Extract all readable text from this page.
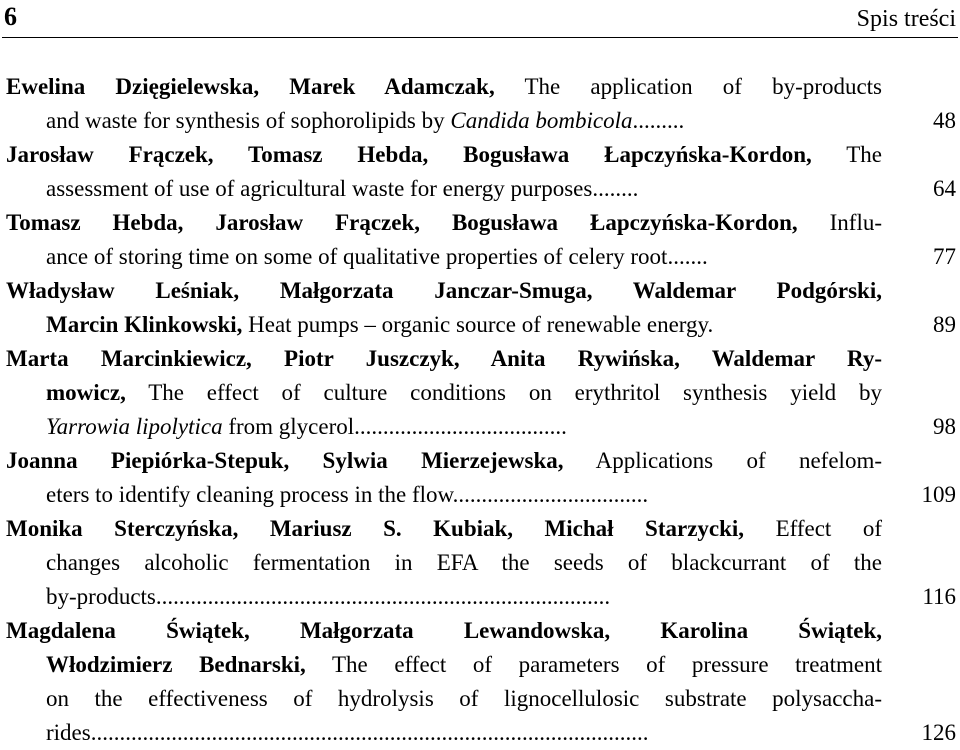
6	Spis treści
Ewelina Dzięgielewska, Marek Adamczak, The application of by-products
and waste for synthesis of sophorolipids by Candida bombicola.........	48
Jarosław Frączek, Tomasz Hebda, Bogusława Łapczyńska-Kordon, The
assessment of use of agricultural waste for energy purposes........	64
Tomasz Hebda, Jarosław Frączek, Bogusława Łapczyńska-Kordon, Influ-
ance of storing time on some of qualitative properties of celery root.......	77
Władysław Leśniak, Małgorzata Janczar-Smuga, Waldemar Podgórski,
Marcin Klinkowski, Heat pumps – organic source of renewable energy.	89
Marta Marcinkiewicz, Piotr Juszczyk, Anita Rywińska, Waldemar Ry-
mowicz, The effect of culture conditions on erythritol synthesis yield by
Yarrowia lipolytica from glycerol.....................................	98
Joanna Piepiórka-Stepuk, Sylwia Mierzejewska, Applications of nefelom-
eters to identify cleaning process in the flow..................................	109
Monika Sterczyńska, Mariusz S. Kubiak, Michał Starzycki, Effect of
changes alcoholic fermentation in EFA the seeds of blackcurrant of the
by-products...............................................................................	116
Magdalena Świątek, Małgorzata Lewandowska, Karolina Świątek,
Włodzimierz Bednarski, The effect of parameters of pressure treatment
on the effectiveness of hydrolysis of lignocellulosic substrate polysaccha-
rides.................................................................................................	126
